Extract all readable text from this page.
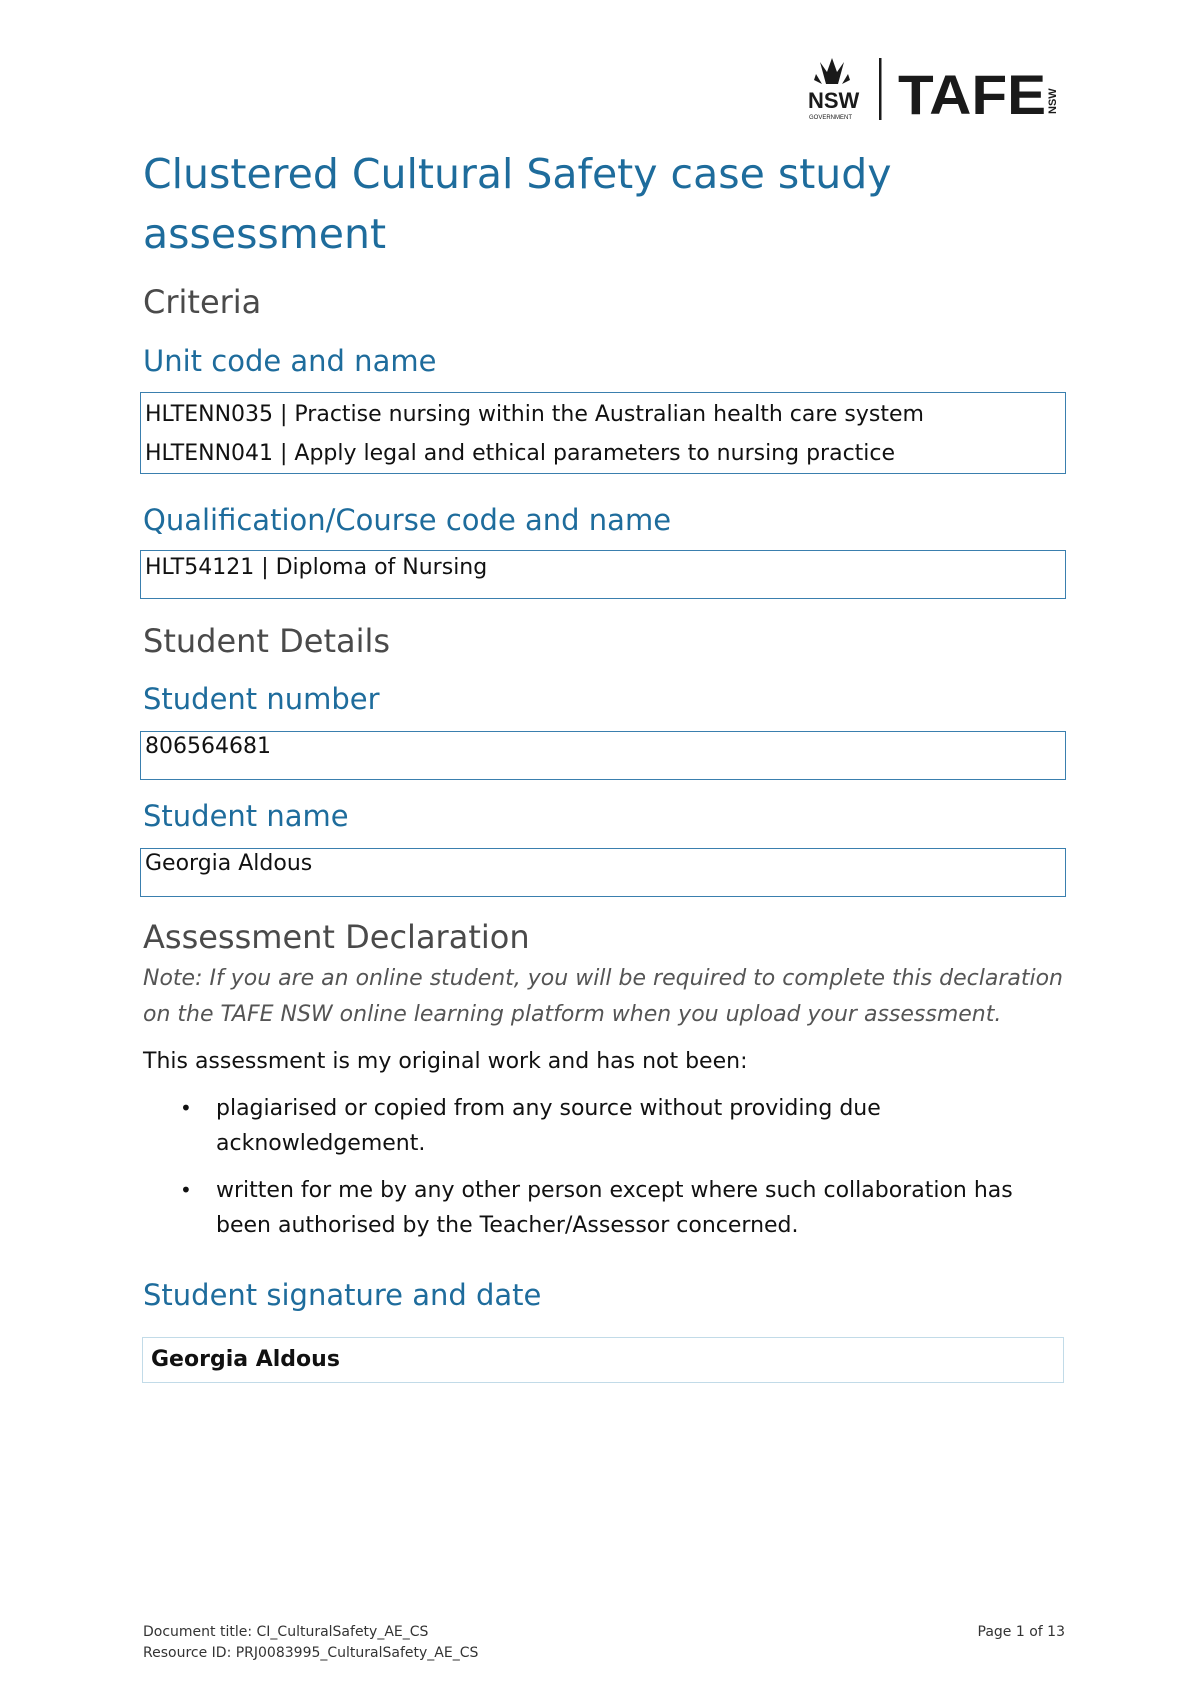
NSW
GOVERNMENT TAFE NSW
Clustered Cultural Safety case study
assessment
Criteria
Unit code and name

HLTENN035 | Practise nursing within the Australian health care system

HLTENN041 | Apply legal and ethical parameters to nursing practice

Qualification/Course code and name

HLT54121 | Diploma of Nursing

Student Details
Student number

806564681

Student name

Georgia Aldous

Assessment Declaration

Note: If you are an online student, you will be required to complete this declaration on the TAFE NSW online learning platform when you upload your assessment.

This assessment is my original work and has not been:

• plagiarised or copied from any source without providing due acknowledgement.
• written for me by any other person except where such collaboration has been authorised by the Teacher/Assessor concerned.
Student signature and date
Georgia Aldous
Document title: CI_CulturalSafety_AE_CS
Resource ID: PRJ0083995_CulturalSafety_AE_CS
Page 1 of 13
